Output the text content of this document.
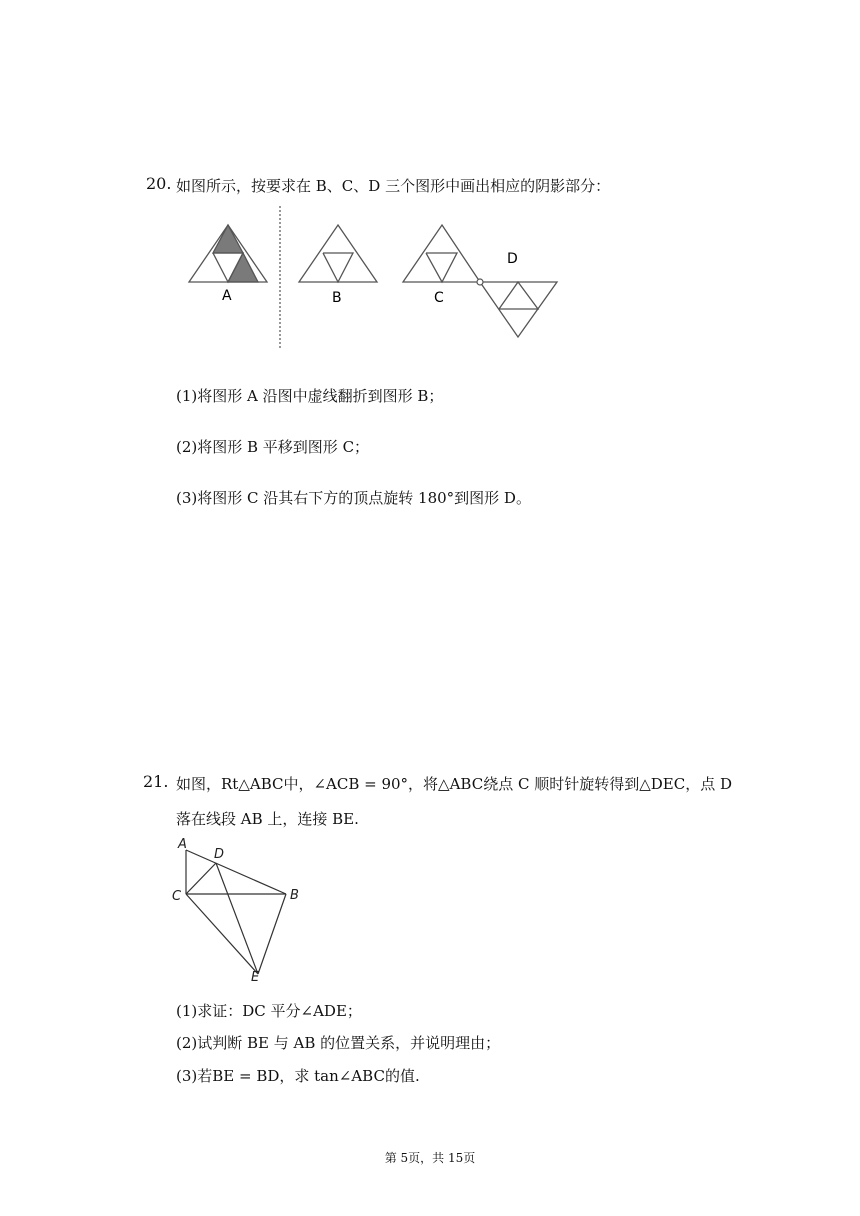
20. 如图所示，按要求在 B、C、D 三个图形中画出相应的阴影部分：
A	B	C
D
(1)将图形 A 沿图中虚线翻折到图形 B；
(2)将图形 B 平移到图形 C；
(3)将图形 C 沿其右下方的顶点旋转 180°到图形 D。
21. 如图，Rt△ABC中，∠ACB = 90°，将△ABC绕点 C 顺时针旋转得到△DEC，点 D
落在线段 AB 上，连接 BE.
A
D
C	B
E
(1)求证：DC 平分∠ADE；
(2)试判断 BE 与 AB 的位置关系，并说明理由；
(3)若BE = BD，求 tan∠ABC的值.
第 5页，共 15页
